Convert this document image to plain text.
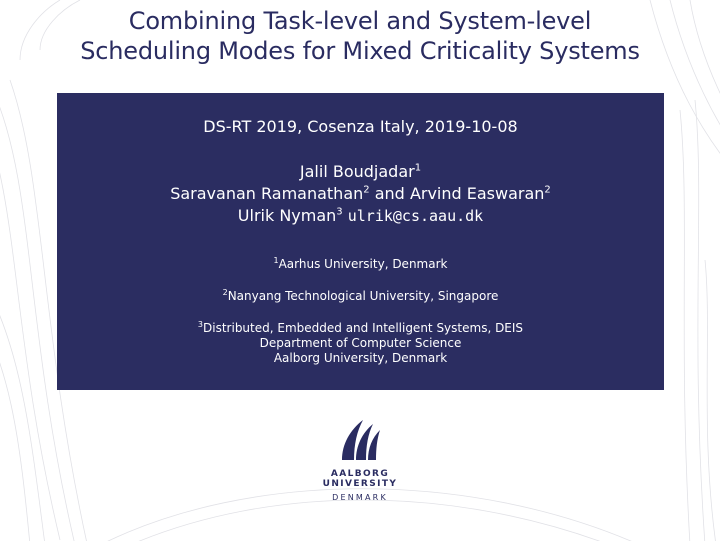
Combining Task-level and System-level
Scheduling Modes for Mixed Criticality Systems
DS-RT 2019, Cosenza Italy, 2019-10-08
Jalil Boudjadar$^1$
Saravanan Ramanathan$^2$ and Arvind Easwaran$^2$
Ulrik Nyman$^3$ ulrik@cs.aau.dk
$^1$Aarhus University, Denmark
$^2$Nanyang Technological University, Singapore
$^3$Distributed, Embedded and Intelligent Systems, DEIS
Department of Computer Science
Aalborg University, Denmark
AALBORG UNIVERSITY
DENMARK
